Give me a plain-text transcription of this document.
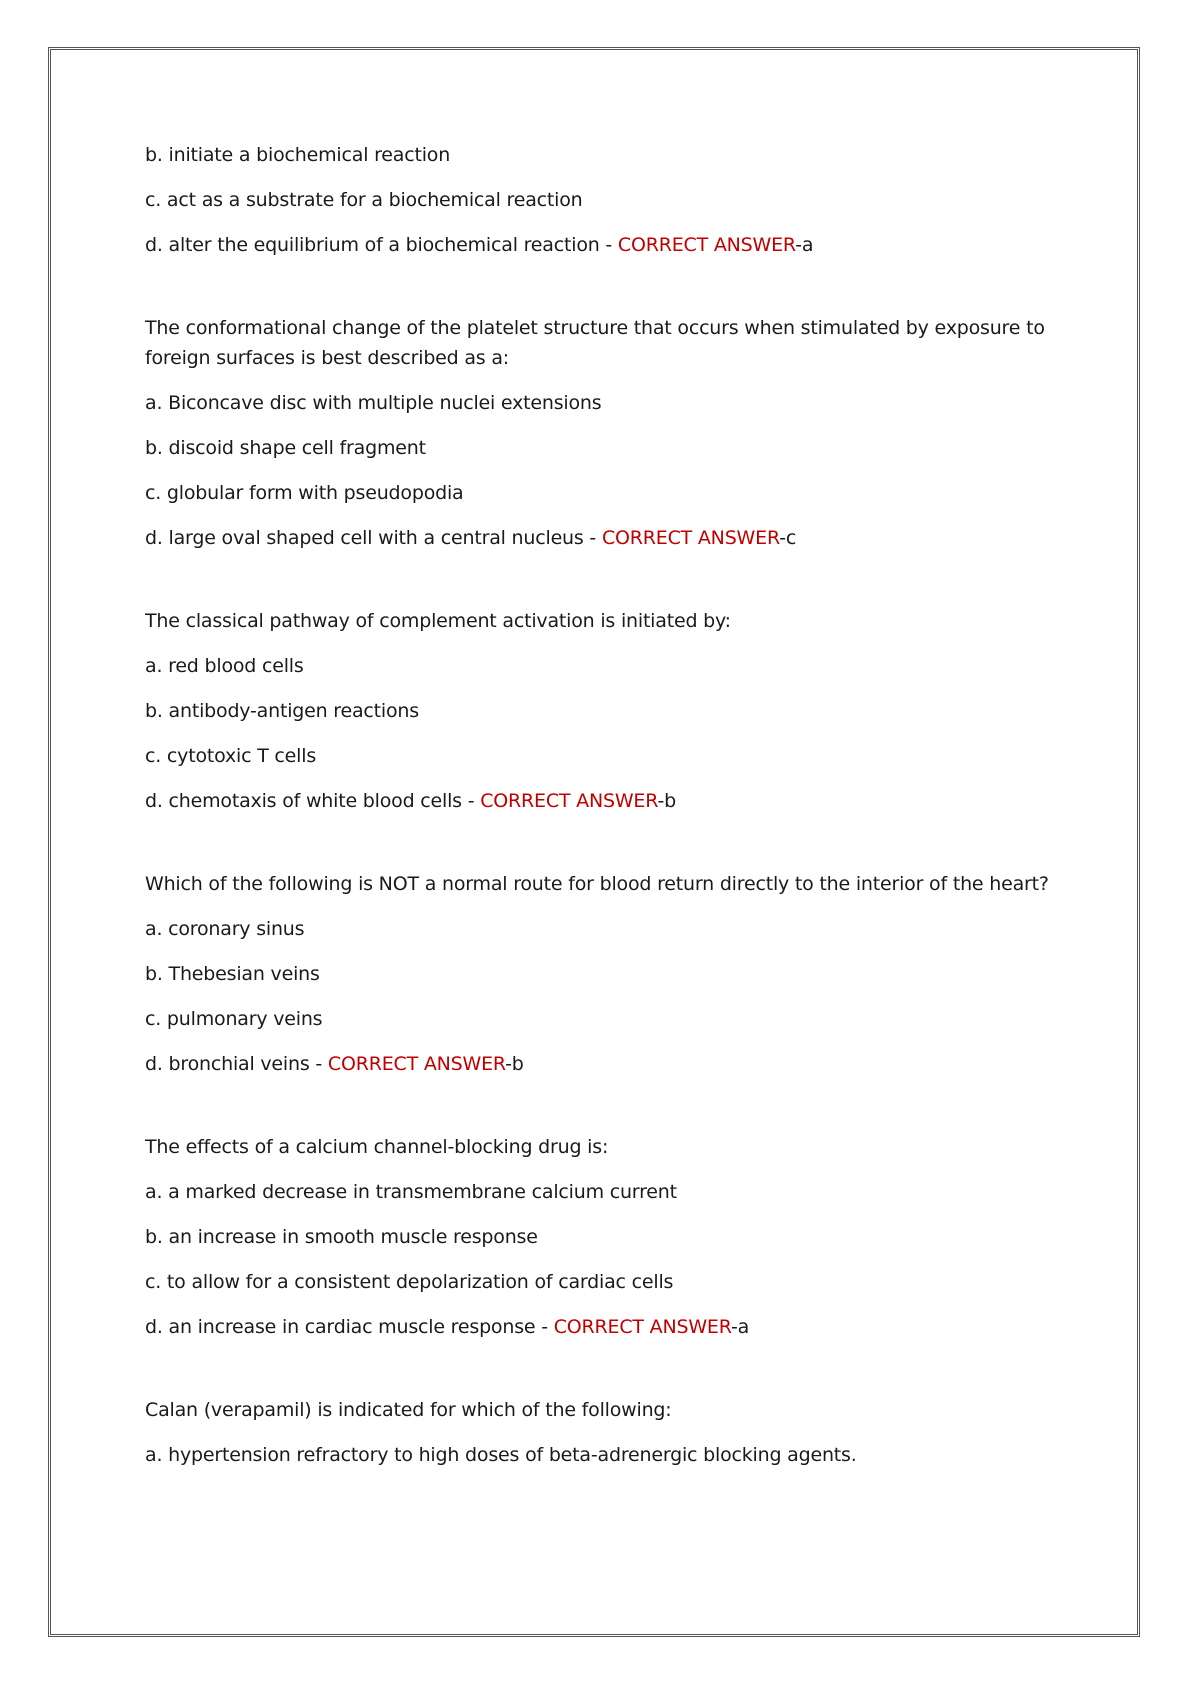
b. initiate a biochemical reaction

c. act as a substrate for a biochemical reaction

d. alter the equilibrium of a biochemical reaction - CORRECT ANSWER-a

The conformational change of the platelet structure that occurs when stimulated by exposure to foreign surfaces is best described as a:

a. Biconcave disc with multiple nuclei extensions

b. discoid shape cell fragment

c. globular form with pseudopodia

d. large oval shaped cell with a central nucleus - CORRECT ANSWER-c

The classical pathway of complement activation is initiated by:

a. red blood cells

b. antibody-antigen reactions

c. cytotoxic T cells

d. chemotaxis of white blood cells - CORRECT ANSWER-b

Which of the following is NOT a normal route for blood return directly to the interior of the heart?

a. coronary sinus

b. Thebesian veins

c. pulmonary veins

d. bronchial veins - CORRECT ANSWER-b

The effects of a calcium channel-blocking drug is:

a. a marked decrease in transmembrane calcium current

b. an increase in smooth muscle response

c. to allow for a consistent depolarization of cardiac cells

d. an increase in cardiac muscle response - CORRECT ANSWER-a

Calan (verapamil) is indicated for which of the following:

a. hypertension refractory to high doses of beta-adrenergic blocking agents.
